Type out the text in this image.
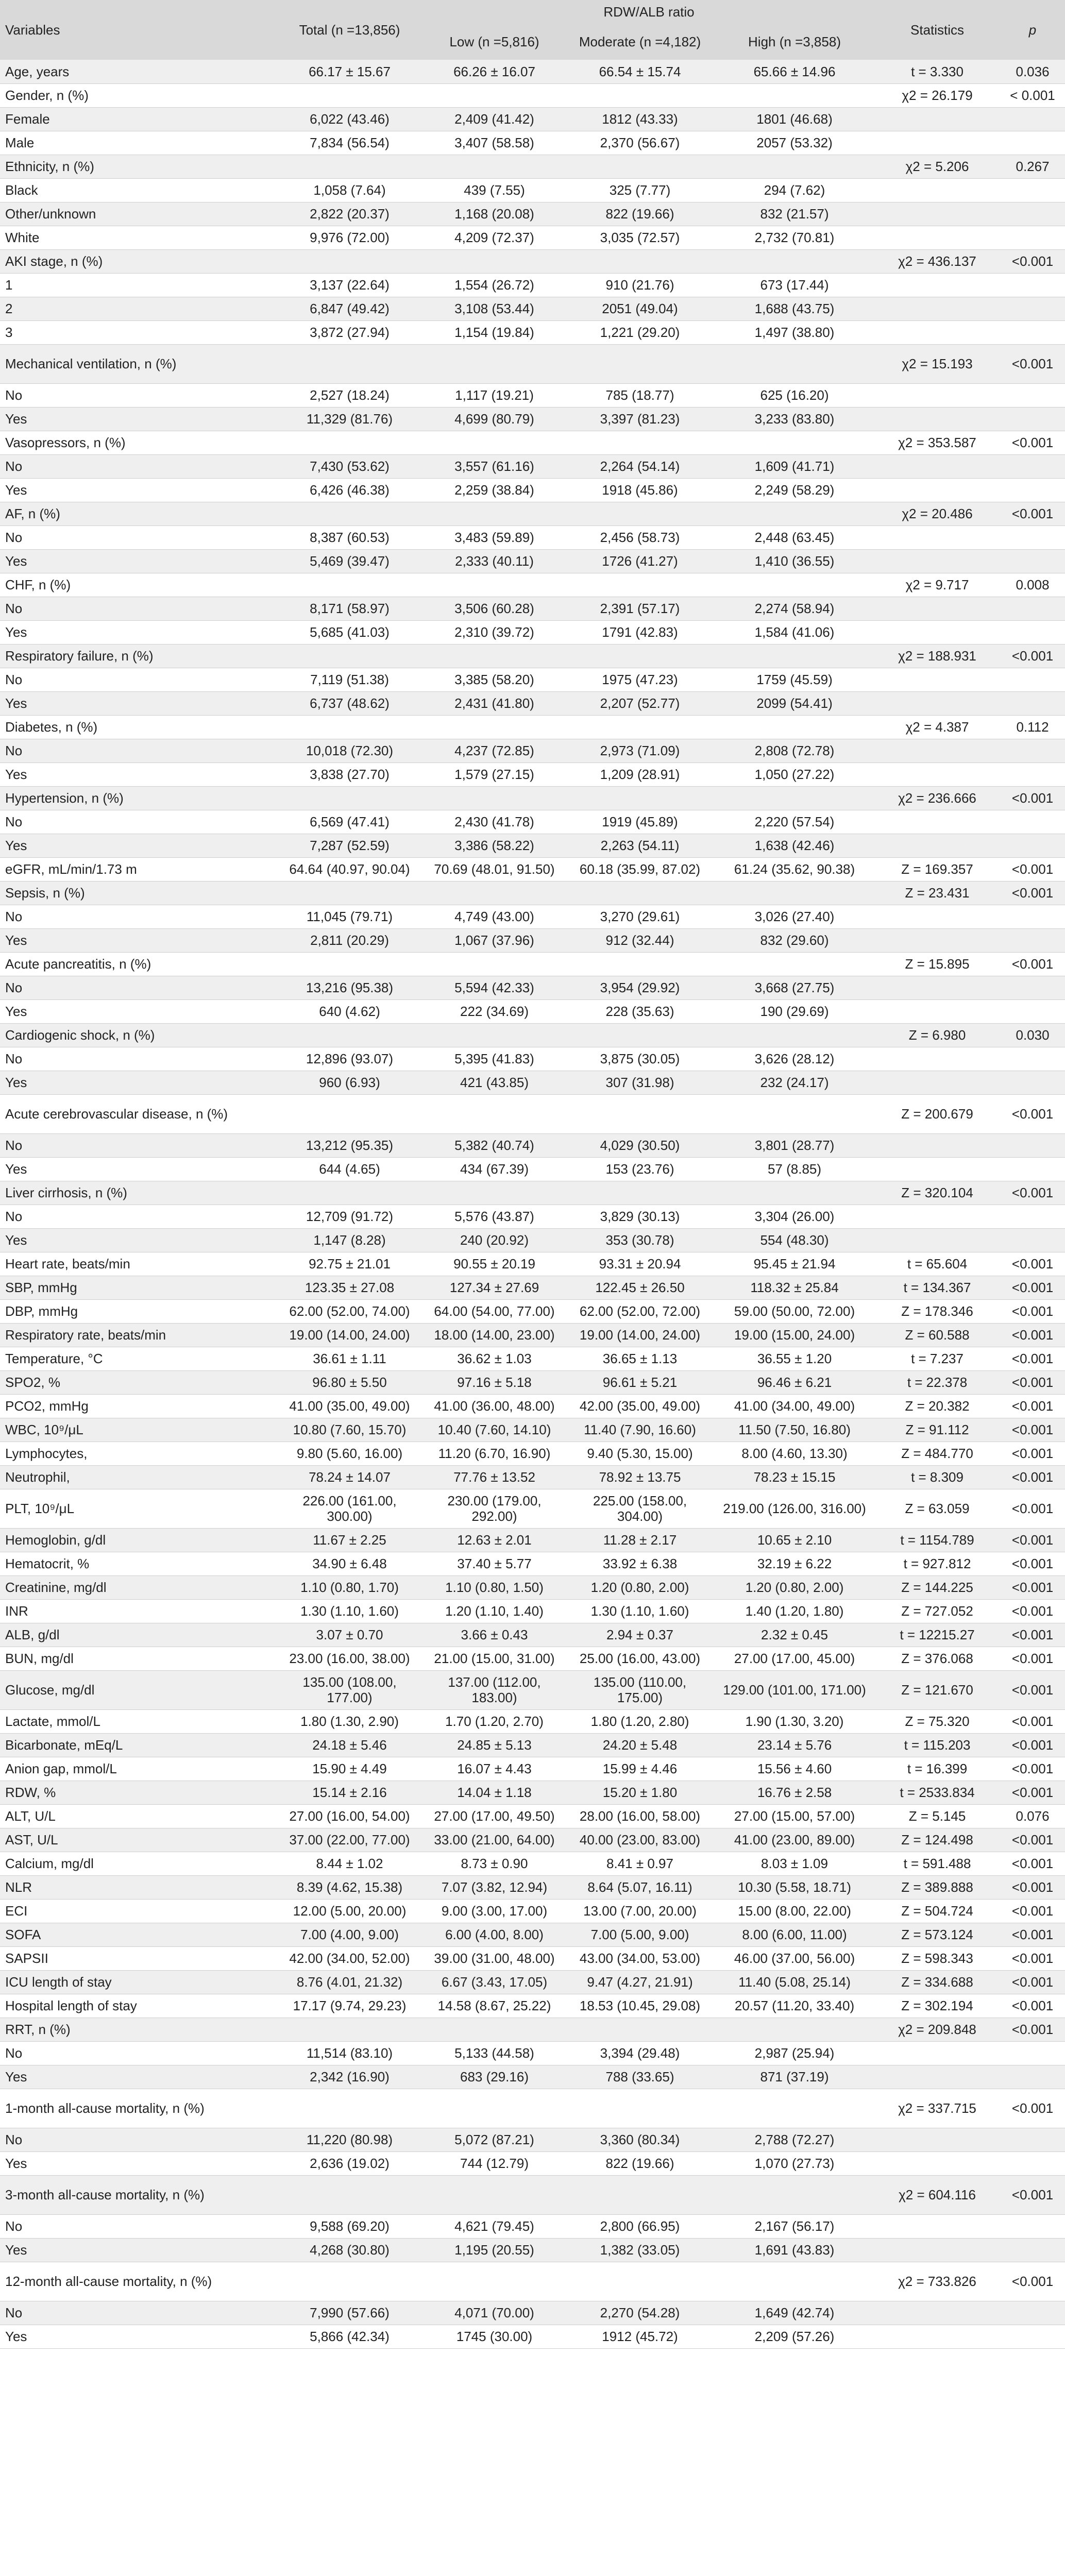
Variables	Total (n =13,856)	RDW/ALB ratio			Statistics	p
		Low (n =5,816)	Moderate (n =4,182)	High (n =3,858)		
Age, years	66.17 ± 15.67	66.26 ± 16.07	66.54 ± 15.74	65.66 ± 14.96	t = 3.330	0.036
Gender, n (%)					χ2 = 26.179	< 0.001
Female	6,022 (43.46)	2,409 (41.42)	1812 (43.33)	1801 (46.68)		
Male	7,834 (56.54)	3,407 (58.58)	2,370 (56.67)	2057 (53.32)		
Ethnicity, n (%)					χ2 = 5.206	0.267
Black	1,058 (7.64)	439 (7.55)	325 (7.77)	294 (7.62)		
Other/unknown	2,822 (20.37)	1,168 (20.08)	822 (19.66)	832 (21.57)		
White	9,976 (72.00)	4,209 (72.37)	3,035 (72.57)	2,732 (70.81)		
AKI stage, n (%)					χ2 = 436.137	<0.001
1	3,137 (22.64)	1,554 (26.72)	910 (21.76)	673 (17.44)		
2	6,847 (49.42)	3,108 (53.44)	2051 (49.04)	1,688 (43.75)		
3	3,872 (27.94)	1,154 (19.84)	1,221 (29.20)	1,497 (38.80)		
Mechanical ventilation, n (%)					χ2 = 15.193	<0.001
No	2,527 (18.24)	1,117 (19.21)	785 (18.77)	625 (16.20)		
Yes	11,329 (81.76)	4,699 (80.79)	3,397 (81.23)	3,233 (83.80)		
Vasopressors, n (%)					χ2 = 353.587	<0.001
No	7,430 (53.62)	3,557 (61.16)	2,264 (54.14)	1,609 (41.71)		
Yes	6,426 (46.38)	2,259 (38.84)	1918 (45.86)	2,249 (58.29)		
AF, n (%)					χ2 = 20.486	<0.001
No	8,387 (60.53)	3,483 (59.89)	2,456 (58.73)	2,448 (63.45)		
Yes	5,469 (39.47)	2,333 (40.11)	1726 (41.27)	1,410 (36.55)		
CHF, n (%)					χ2 = 9.717	0.008
No	8,171 (58.97)	3,506 (60.28)	2,391 (57.17)	2,274 (58.94)		
Yes	5,685 (41.03)	2,310 (39.72)	1791 (42.83)	1,584 (41.06)		
Respiratory failure, n (%)					χ2 = 188.931	<0.001
No	7,119 (51.38)	3,385 (58.20)	1975 (47.23)	1759 (45.59)		
Yes	6,737 (48.62)	2,431 (41.80)	2,207 (52.77)	2099 (54.41)		
Diabetes, n (%)					χ2 = 4.387	0.112
No	10,018 (72.30)	4,237 (72.85)	2,973 (71.09)	2,808 (72.78)		
Yes	3,838 (27.70)	1,579 (27.15)	1,209 (28.91)	1,050 (27.22)		
Hypertension, n (%)					χ2 = 236.666	<0.001
No	6,569 (47.41)	2,430 (41.78)	1919 (45.89)	2,220 (57.54)		
Yes	7,287 (52.59)	3,386 (58.22)	2,263 (54.11)	1,638 (42.46)		
eGFR, mL/min/1.73 m	64.64 (40.97, 90.04)	70.69 (48.01, 91.50)	60.18 (35.99, 87.02)	61.24 (35.62, 90.38)	Z = 169.357	<0.001
Sepsis, n (%)					Z = 23.431	<0.001
No	11,045 (79.71)	4,749 (43.00)	3,270 (29.61)	3,026 (27.40)		
Yes	2,811 (20.29)	1,067 (37.96)	912 (32.44)	832 (29.60)		
Acute pancreatitis, n (%)					Z = 15.895	<0.001
No	13,216 (95.38)	5,594 (42.33)	3,954 (29.92)	3,668 (27.75)		
Yes	640 (4.62)	222 (34.69)	228 (35.63)	190 (29.69)		
Cardiogenic shock, n (%)					Z = 6.980	0.030
No	12,896 (93.07)	5,395 (41.83)	3,875 (30.05)	3,626 (28.12)		
Yes	960 (6.93)	421 (43.85)	307 (31.98)	232 (24.17)		
Acute cerebrovascular disease, n (%)					Z = 200.679	<0.001
No	13,212 (95.35)	5,382 (40.74)	4,029 (30.50)	3,801 (28.77)		
Yes	644 (4.65)	434 (67.39)	153 (23.76)	57 (8.85)		
Liver cirrhosis, n (%)					Z = 320.104	<0.001
No	12,709 (91.72)	5,576 (43.87)	3,829 (30.13)	3,304 (26.00)		
Yes	1,147 (8.28)	240 (20.92)	353 (30.78)	554 (48.30)		
Heart rate, beats/min	92.75 ± 21.01	90.55 ± 20.19	93.31 ± 20.94	95.45 ± 21.94	t = 65.604	<0.001
SBP, mmHg	123.35 ± 27.08	127.34 ± 27.69	122.45 ± 26.50	118.32 ± 25.84	t = 134.367	<0.001
DBP, mmHg	62.00 (52.00, 74.00)	64.00 (54.00, 77.00)	62.00 (52.00, 72.00)	59.00 (50.00, 72.00)	Z = 178.346	<0.001
Respiratory rate, beats/min	19.00 (14.00, 24.00)	18.00 (14.00, 23.00)	19.00 (14.00, 24.00)	19.00 (15.00, 24.00)	Z = 60.588	<0.001
Temperature, °C	36.61 ± 1.11	36.62 ± 1.03	36.65 ± 1.13	36.55 ± 1.20	t = 7.237	<0.001
SPO2, %	96.80 ± 5.50	97.16 ± 5.18	96.61 ± 5.21	96.46 ± 6.21	t = 22.378	<0.001
PCO2, mmHg	41.00 (35.00, 49.00)	41.00 (36.00, 48.00)	42.00 (35.00, 49.00)	41.00 (34.00, 49.00)	Z = 20.382	<0.001
WBC, 10⁹/μL	10.80 (7.60, 15.70)	10.40 (7.60, 14.10)	11.40 (7.90, 16.60)	11.50 (7.50, 16.80)	Z = 91.112	<0.001
Lymphocytes,	9.80 (5.60, 16.00)	11.20 (6.70, 16.90)	9.40 (5.30, 15.00)	8.00 (4.60, 13.30)	Z = 484.770	<0.001
Neutrophil,	78.24 ± 14.07	77.76 ± 13.52	78.92 ± 13.75	78.23 ± 15.15	t = 8.309	<0.001
PLT, 10⁹/μL	226.00 (161.00, 300.00)	230.00 (179.00, 292.00)	225.00 (158.00, 304.00)	219.00 (126.00, 316.00)	Z = 63.059	<0.001
Hemoglobin, g/dl	11.67 ± 2.25	12.63 ± 2.01	11.28 ± 2.17	10.65 ± 2.10	t = 1154.789	<0.001
Hematocrit, %	34.90 ± 6.48	37.40 ± 5.77	33.92 ± 6.38	32.19 ± 6.22	t = 927.812	<0.001
Creatinine, mg/dl	1.10 (0.80, 1.70)	1.10 (0.80, 1.50)	1.20 (0.80, 2.00)	1.20 (0.80, 2.00)	Z = 144.225	<0.001
INR	1.30 (1.10, 1.60)	1.20 (1.10, 1.40)	1.30 (1.10, 1.60)	1.40 (1.20, 1.80)	Z = 727.052	<0.001
ALB, g/dl	3.07 ± 0.70	3.66 ± 0.43	2.94 ± 0.37	2.32 ± 0.45	t = 12215.27	<0.001
BUN, mg/dl	23.00 (16.00, 38.00)	21.00 (15.00, 31.00)	25.00 (16.00, 43.00)	27.00 (17.00, 45.00)	Z = 376.068	<0.001
Glucose, mg/dl	135.00 (108.00, 177.00)	137.00 (112.00, 183.00)	135.00 (110.00, 175.00)	129.00 (101.00, 171.00)	Z = 121.670	<0.001
Lactate, mmol/L	1.80 (1.30, 2.90)	1.70 (1.20, 2.70)	1.80 (1.20, 2.80)	1.90 (1.30, 3.20)	Z = 75.320	<0.001
Bicarbonate, mEq/L	24.18 ± 5.46	24.85 ± 5.13	24.20 ± 5.48	23.14 ± 5.76	t = 115.203	<0.001
Anion gap, mmol/L	15.90 ± 4.49	16.07 ± 4.43	15.99 ± 4.46	15.56 ± 4.60	t = 16.399	<0.001
RDW, %	15.14 ± 2.16	14.04 ± 1.18	15.20 ± 1.80	16.76 ± 2.58	t = 2533.834	<0.001
ALT, U/L	27.00 (16.00, 54.00)	27.00 (17.00, 49.50)	28.00 (16.00, 58.00)	27.00 (15.00, 57.00)	Z = 5.145	0.076
AST, U/L	37.00 (22.00, 77.00)	33.00 (21.00, 64.00)	40.00 (23.00, 83.00)	41.00 (23.00, 89.00)	Z = 124.498	<0.001
Calcium, mg/dl	8.44 ± 1.02	8.73 ± 0.90	8.41 ± 0.97	8.03 ± 1.09	t = 591.488	<0.001
NLR	8.39 (4.62, 15.38)	7.07 (3.82, 12.94)	8.64 (5.07, 16.11)	10.30 (5.58, 18.71)	Z = 389.888	<0.001
ECI	12.00 (5.00, 20.00)	9.00 (3.00, 17.00)	13.00 (7.00, 20.00)	15.00 (8.00, 22.00)	Z = 504.724	<0.001
SOFA	7.00 (4.00, 9.00)	6.00 (4.00, 8.00)	7.00 (5.00, 9.00)	8.00 (6.00, 11.00)	Z = 573.124	<0.001
SAPSII	42.00 (34.00, 52.00)	39.00 (31.00, 48.00)	43.00 (34.00, 53.00)	46.00 (37.00, 56.00)	Z = 598.343	<0.001
ICU length of stay	8.76 (4.01, 21.32)	6.67 (3.43, 17.05)	9.47 (4.27, 21.91)	11.40 (5.08, 25.14)	Z = 334.688	<0.001
Hospital length of stay	17.17 (9.74, 29.23)	14.58 (8.67, 25.22)	18.53 (10.45, 29.08)	20.57 (11.20, 33.40)	Z = 302.194	<0.001
RRT, n (%)					χ2 = 209.848	<0.001
No	11,514 (83.10)	5,133 (44.58)	3,394 (29.48)	2,987 (25.94)		
Yes	2,342 (16.90)	683 (29.16)	788 (33.65)	871 (37.19)		
1-month all-cause mortality, n (%)					χ2 = 337.715	<0.001
No	11,220 (80.98)	5,072 (87.21)	3,360 (80.34)	2,788 (72.27)		
Yes	2,636 (19.02)	744 (12.79)	822 (19.66)	1,070 (27.73)		
3-month all-cause mortality, n (%)					χ2 = 604.116	<0.001
No	9,588 (69.20)	4,621 (79.45)	2,800 (66.95)	2,167 (56.17)		
Yes	4,268 (30.80)	1,195 (20.55)	1,382 (33.05)	1,691 (43.83)		
12-month all-cause mortality, n (%)					χ2 = 733.826	<0.001
No	7,990 (57.66)	4,071 (70.00)	2,270 (54.28)	1,649 (42.74)		
Yes	5,866 (42.34)	1745 (30.00)	1912 (45.72)	2,209 (57.26)		
